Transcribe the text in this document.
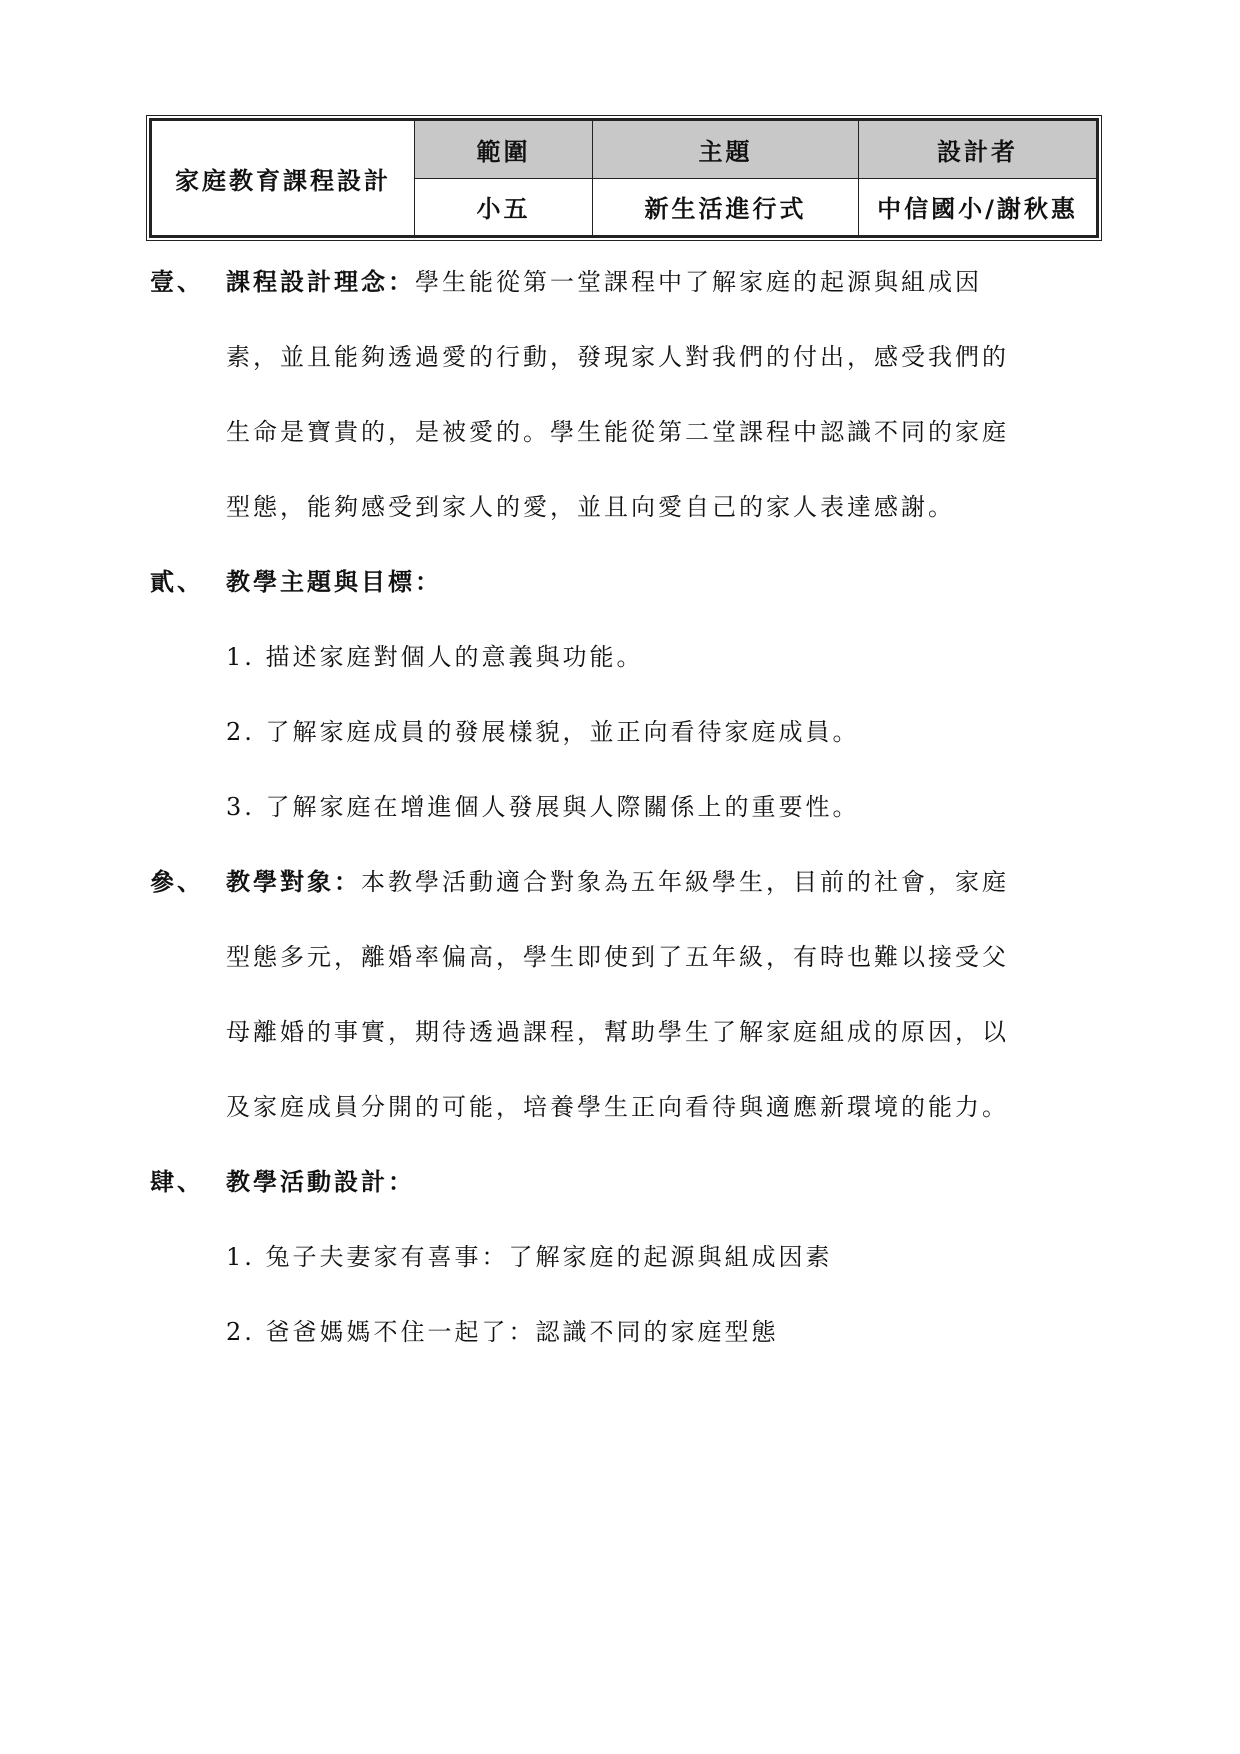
家庭教育課程設計	範圍	主題	設計者
	小五	新生活進行式	中信國小/謝秋惠
壹、 課程設計理念：學生能從第一堂課程中了解家庭的起源與組成因
素，並且能夠透過愛的行動，發現家人對我們的付出，感受我們的
生命是寶貴的，是被愛的。學生能從第二堂課程中認識不同的家庭
型態，能夠感受到家人的愛，並且向愛自己的家人表達感謝。
貳、 教學主題與目標：
1. 描述家庭對個人的意義與功能。
2. 了解家庭成員的發展樣貌，並正向看待家庭成員。
3. 了解家庭在增進個人發展與人際關係上的重要性。
參、 教學對象：本教學活動適合對象為五年級學生，目前的社會，家庭
型態多元，離婚率偏高，學生即使到了五年級，有時也難以接受父
母離婚的事實，期待透過課程，幫助學生了解家庭組成的原因，以
及家庭成員分開的可能，培養學生正向看待與適應新環境的能力。
肆、 教學活動設計：
1. 兔子夫妻家有喜事：了解家庭的起源與組成因素
2. 爸爸媽媽不住一起了：認識不同的家庭型態
